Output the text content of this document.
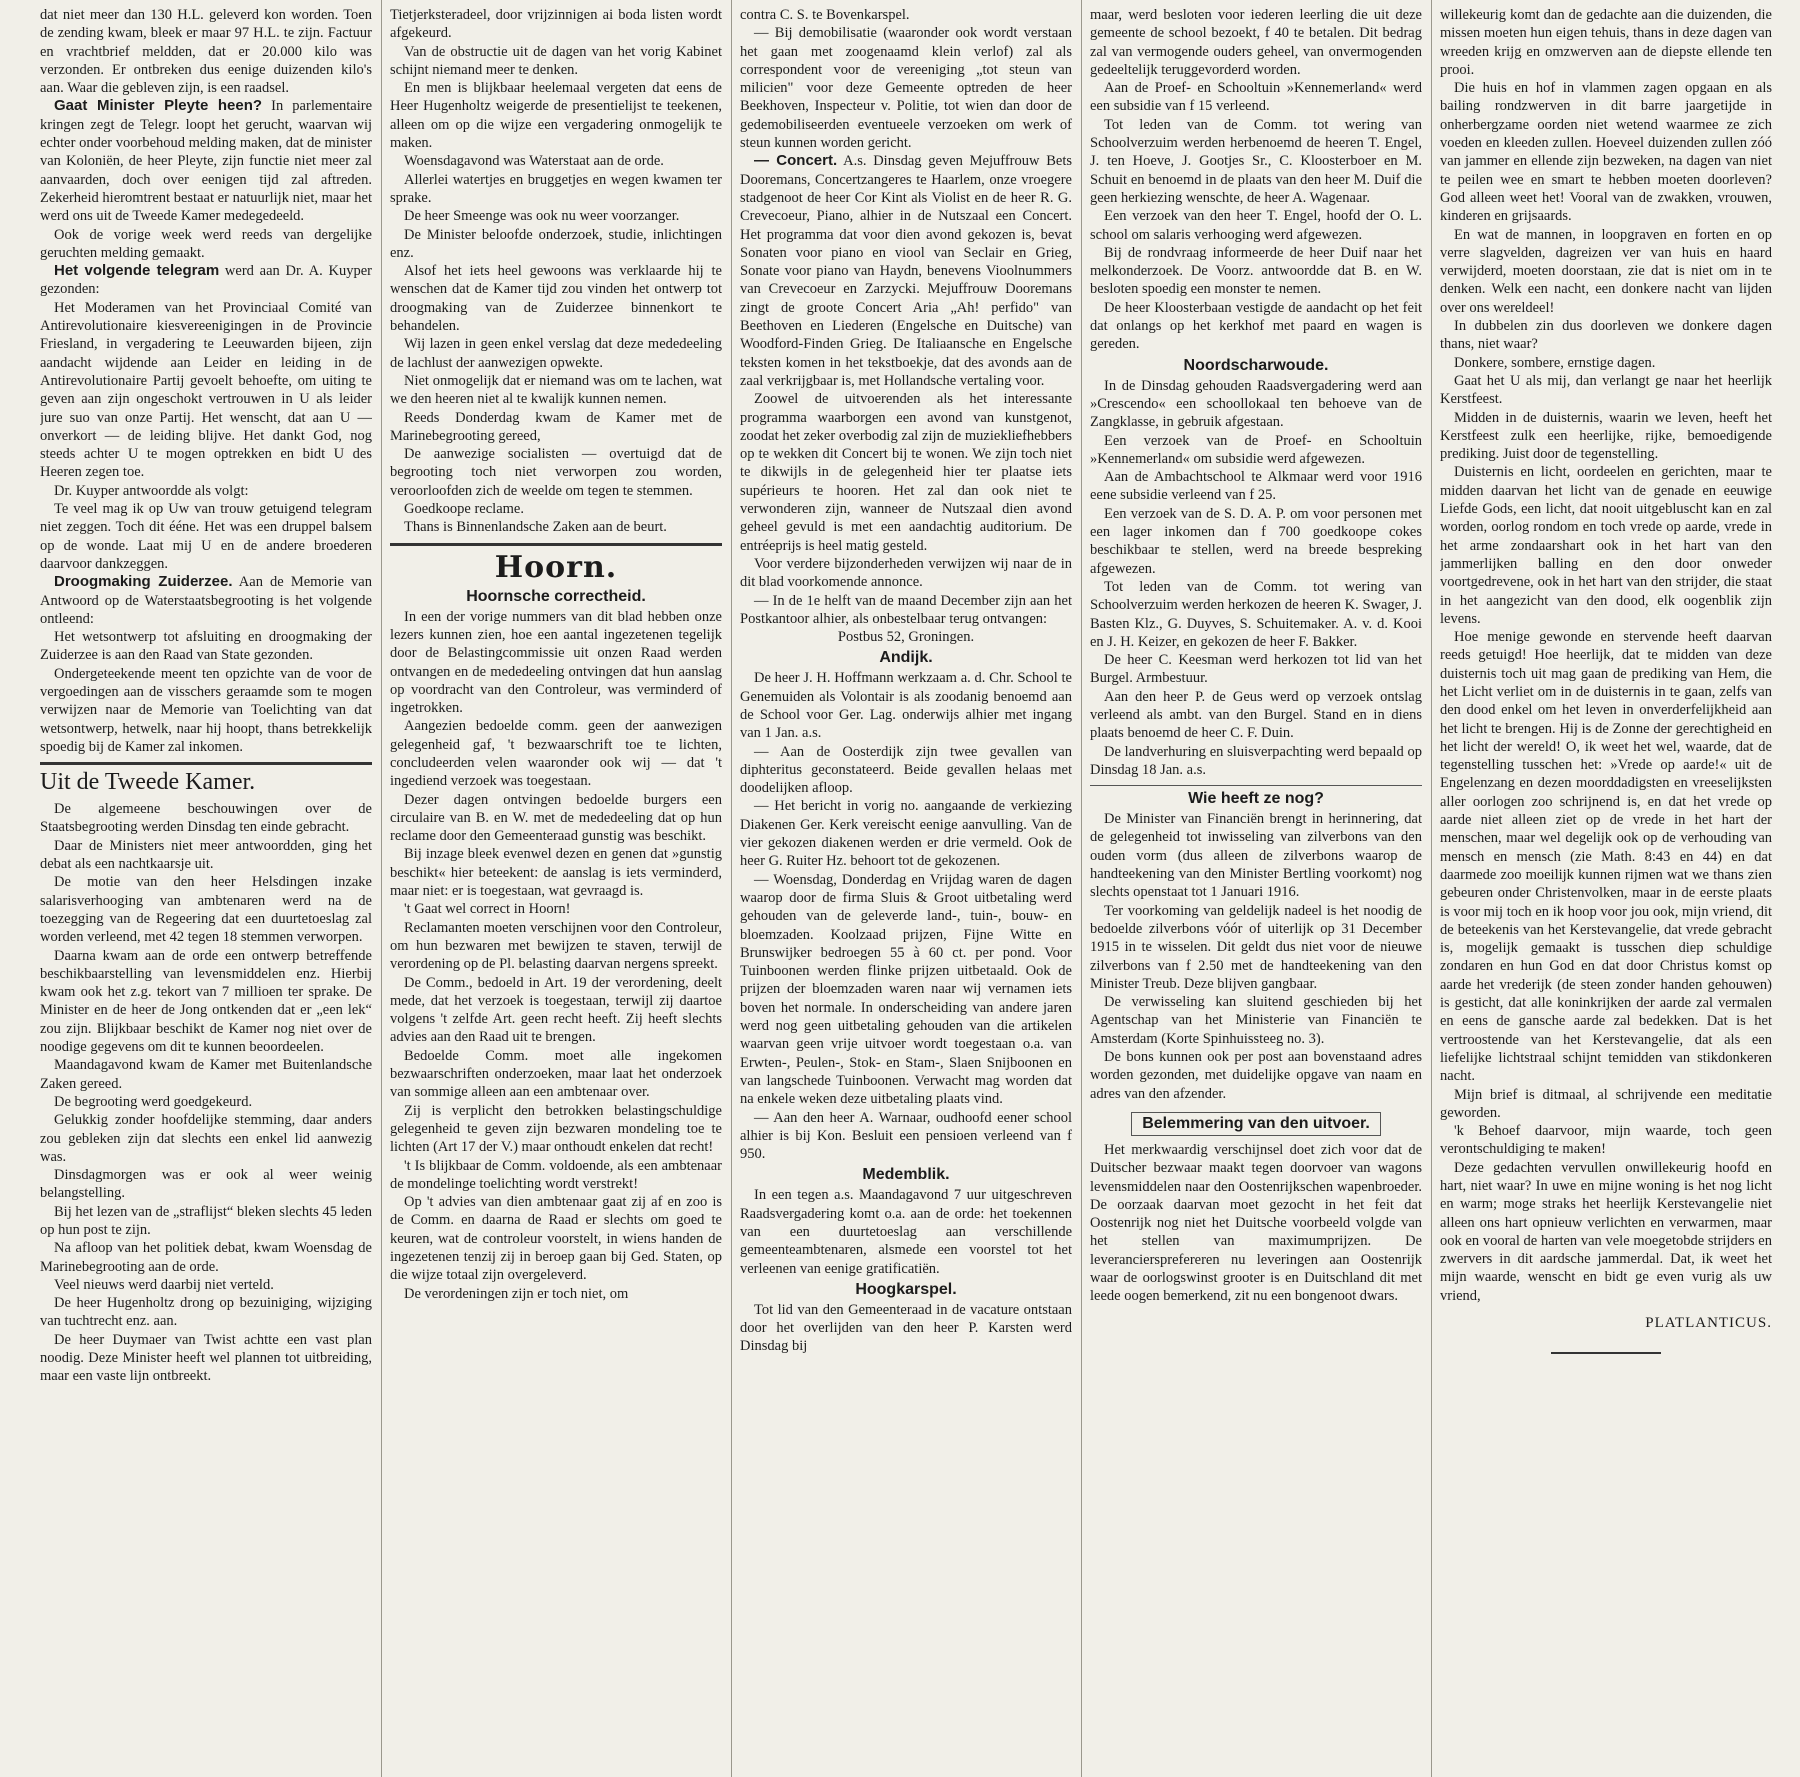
dat niet meer dan 130 H.L. geleverd kon worden. Toen de zending kwam, bleek er maar 97 H.L. te zijn. Factuur en vrachtbrief meldden, dat er 20.000 kilo was verzonden. Er ontbreken dus eenige duizenden kilo's aan. Waar die gebleven zijn, is een raadsel.

Gaat Minister Pleyte heen? In parlementaire kringen zegt de Telegr. loopt het gerucht, waarvan wij echter onder voorbehoud melding maken, dat de minister van Koloniën, de heer Pleyte, zijn functie niet meer zal aanvaarden, doch over eenigen tijd zal aftreden. Zekerheid hieromtrent bestaat er natuurlijk niet, maar het werd ons uit de Tweede Kamer medegedeeld.

Ook de vorige week werd reeds van dergelijke geruchten melding gemaakt.

Het volgende telegram werd aan Dr. A. Kuyper gezonden:

Het Moderamen van het Provinciaal Comité van Antirevolutionaire kiesvereenigingen in de Provincie Friesland, in vergadering te Leeuwarden bijeen, zijn aandacht wijdende aan Leider en leiding in de Antirevolutionaire Partij gevoelt behoefte, om uiting te geven aan zijn ongeschokt vertrouwen in U als leider jure suo van onze Partij. Het wenscht, dat aan U — onverkort — de leiding blijve. Het dankt God, nog steeds achter U te mogen optrekken en bidt U des Heeren zegen toe.

Dr. Kuyper antwoordde als volgt:

Te veel mag ik op Uw van trouw getuigend telegram niet zeggen. Toch dit ééne. Het was een druppel balsem op de wonde. Laat mij U en de andere broederen daarvoor dankzeggen.

Droogmaking Zuiderzee. Aan de Memorie van Antwoord op de Waterstaatsbegrooting is het volgende ontleend:

Het wetsontwerp tot afsluiting en droogmaking der Zuiderzee is aan den Raad van State gezonden.

Ondergeteekende meent ten opzichte van de voor de vergoedingen aan de visschers geraamde som te mogen verwijzen naar de Memorie van Toelichting van dat wetsontwerp, hetwelk, naar hij hoopt, thans betrekkelijk spoedig bij de Kamer zal inkomen.

Uit de Tweede Kamer.

De algemeene beschouwingen over de Staatsbegrooting werden Dinsdag ten einde gebracht.

Daar de Ministers niet meer antwoordden, ging het debat als een nachtkaarsje uit.

De motie van den heer Helsdingen inzake salarisverhooging van ambtenaren werd na de toezegging van de Regeering dat een duurtetoeslag zal worden verleend, met 42 tegen 18 stemmen verworpen.

Daarna kwam aan de orde een ontwerp betreffende beschikbaarstelling van levensmiddelen enz. Hierbij kwam ook het z.g. tekort van 7 millioen ter sprake. De Minister en de heer de Jong ontkenden dat er „een lek“ zou zijn. Blijkbaar beschikt de Kamer nog niet over de noodige gegevens om dit te kunnen beoordeelen.

Maandagavond kwam de Kamer met Buitenlandsche Zaken gereed.

De begrooting werd goedgekeurd.

Gelukkig zonder hoofdelijke stemming, daar anders zou gebleken zijn dat slechts een enkel lid aanwezig was.

Dinsdagmorgen was er ook al weer weinig belangstelling.

Bij het lezen van de „straflijst“ bleken slechts 45 leden op hun post te zijn.

Na afloop van het politiek debat, kwam Woensdag de Marinebegrooting aan de orde.

Veel nieuws werd daarbij niet verteld.

De heer Hugenholtz drong op bezuiniging, wijziging van tuchtrecht enz. aan.

De heer Duymaer van Twist achtte een vast plan noodig. Deze Minister heeft wel plannen tot uitbreiding, maar een vaste lijn ontbreekt.

Tietjerksteradeel, door vrijzinnigen ai boda listen wordt afgekeurd.

Van de obstructie uit de dagen van het vorig Kabinet schijnt niemand meer te denken.

En men is blijkbaar heelemaal vergeten dat eens de Heer Hugenholtz weigerde de presentielijst te teekenen, alleen om op die wijze een vergadering onmogelijk te maken.

Woensdagavond was Waterstaat aan de orde.

Allerlei watertjes en bruggetjes en wegen kwamen ter sprake.

De heer Smeenge was ook nu weer voorzanger.

De Minister beloofde onderzoek, studie, inlichtingen enz.

Alsof het iets heel gewoons was verklaarde hij te wenschen dat de Kamer tijd zou vinden het ontwerp tot droogmaking van de Zuiderzee binnenkort te behandelen.

Wij lazen in geen enkel verslag dat deze mededeeling de lachlust der aanwezigen opwekte.

Niet onmogelijk dat er niemand was om te lachen, wat we den heeren niet al te kwalijk kunnen nemen.

Reeds Donderdag kwam de Kamer met de Marinebegrooting gereed,

De aanwezige socialisten — overtuigd dat de begrooting toch niet verworpen zou worden, veroorloofden zich de weelde om tegen te stemmen.

Goedkoope reclame.

Thans is Binnenlandsche Zaken aan de beurt.

Hoorn.
Hoornsche correctheid.

In een der vorige nummers van dit blad hebben onze lezers kunnen zien, hoe een aantal ingezetenen tegelijk door de Belastingcommissie uit onzen Raad werden ontvangen en de mededeeling ontvingen dat hun aanslag op voordracht van den Controleur, was verminderd of ingetrokken.

Aangezien bedoelde comm. geen der aanwezigen gelegenheid gaf, 't bezwaarschrift toe te lichten, concludeerden velen waaronder ook wij — dat 't ingediend verzoek was toegestaan.

Dezer dagen ontvingen bedoelde burgers een circulaire van B. en W. met de mededeeling dat op hun reclame door den Gemeenteraad gunstig was beschikt.

Bij inzage bleek evenwel dezen en genen dat »gunstig beschikt« hier beteekent: de aanslag is iets verminderd, maar niet: er is toegestaan, wat gevraagd is.

't Gaat wel correct in Hoorn!

Reclamanten moeten verschijnen voor den Controleur, om hun bezwaren met bewijzen te staven, terwijl de verordening op de Pl. belasting daarvan nergens spreekt.

De Comm., bedoeld in Art. 19 der verordening, deelt mede, dat het verzoek is toegestaan, terwijl zij daartoe volgens 't zelfde Art. geen recht heeft. Zij heeft slechts advies aan den Raad uit te brengen.

Bedoelde Comm. moet alle ingekomen bezwaarschriften onderzoeken, maar laat het onderzoek van sommige alleen aan een ambtenaar over.

Zij is verplicht den betrokken belastingschuldige gelegenheid te geven zijn bezwaren mondeling toe te lichten (Art 17 der V.) maar onthoudt enkelen dat recht!

't Is blijkbaar de Comm. voldoende, als een ambtenaar de mondelinge toelichting wordt verstrekt!

Op 't advies van dien ambtenaar gaat zij af en zoo is de Comm. en daarna de Raad er slechts om goed te keuren, wat de controleur voorstelt, in wiens handen de ingezetenen tenzij zij in beroep gaan bij Ged. Staten, op die wijze totaal zijn overgeleverd.

De verordeningen zijn er toch niet, om

contra C. S. te Bovenkarspel.

— Bij demobilisatie (waaronder ook wordt verstaan het gaan met zoogenaamd klein verlof) zal als correspondent voor de vereeniging „tot steun van milicien" voor deze Gemeente optreden de heer Beekhoven, Inspecteur v. Politie, tot wien dan door de gedemobiliseerden eventueele verzoeken om werk of steun kunnen worden gericht.

— Concert. A.s. Dinsdag geven Mejuffrouw Bets Dooremans, Concertzangeres te Haarlem, onze vroegere stadgenoot de heer Cor Kint als Violist en de heer R. G. Crevecoeur, Piano, alhier in de Nutszaal een Concert. Het programma dat voor dien avond gekozen is, bevat Sonaten voor piano en viool van Seclair en Grieg, Sonate voor piano van Haydn, benevens Vioolnummers van Crevecoeur en Zarzycki. Mejuffrouw Dooremans zingt de groote Concert Aria „Ah! perfido" van Beethoven en Liederen (Engelsche en Duitsche) van Woodford-Finden Grieg. De Italiaansche en Engelsche teksten komen in het tekstboekje, dat des avonds aan de zaal verkrijgbaar is, met Hollandsche vertaling voor.

Zoowel de uitvoerenden als het interessante programma waarborgen een avond van kunstgenot, zoodat het zeker overbodig zal zijn de muziekliefhebbers op te wekken dit Concert bij te wonen. We zijn toch niet te dikwijls in de gelegenheid hier ter plaatse iets supérieurs te hooren. Het zal dan ook niet te verwonderen zijn, wanneer de Nutszaal dien avond geheel gevuld is met een aandachtig auditorium. De entréeprijs is heel matig gesteld.

Voor verdere bijzonderheden verwijzen wij naar de in dit blad voorkomende annonce.

— In de 1e helft van de maand December zijn aan het Postkantoor alhier, als onbestelbaar terug ontvangen:

Postbus 52, Groningen.

Andijk.

De heer J. H. Hoffmann werkzaam a. d. Chr. School te Genemuiden als Volontair is als zoodanig benoemd aan de School voor Ger. Lag. onderwijs alhier met ingang van 1 Jan. a.s.

— Aan de Oosterdijk zijn twee gevallen van diphteritus geconstateerd. Beide gevallen helaas met doodelijken afloop.

— Het bericht in vorig no. aangaande de verkiezing Diakenen Ger. Kerk vereischt eenige aanvulling. Van de vier gekozen diakenen werden er drie vermeld. Ook de heer G. Ruiter Hz. behoort tot de gekozenen.

— Woensdag, Donderdag en Vrijdag waren de dagen waarop door de firma Sluis & Groot uitbetaling werd gehouden van de geleverde land-, tuin-, bouw- en bloemzaden. Koolzaad prijzen, Fijne Witte en Brunswijker bedroegen 55 à 60 ct. per pond. Voor Tuinboonen werden flinke prijzen uitbetaald. Ook de prijzen der bloemzaden waren naar wij vernamen iets boven het normale. In onderscheiding van andere jaren werd nog geen uitbetaling gehouden van die artikelen waarvan geen vrije uitvoer wordt toegestaan o.a. van Erwten-, Peulen-, Stok- en Stam-, Slaen Snijboonen en van langschede Tuinboonen. Verwacht mag worden dat na enkele weken deze uitbetaling plaats vind.

— Aan den heer A. Warnaar, oudhoofd eener school alhier is bij Kon. Besluit een pensioen verleend van f 950.

Medemblik.

In een tegen a.s. Maandagavond 7 uur uitgeschreven Raadsvergadering komt o.a. aan de orde: het toekennen van een duurtetoeslag aan verschillende gemeenteambtenaren, alsmede een voorstel tot het verleenen van eenige gratificatiën.

Hoogkarspel.

Tot lid van den Gemeenteraad in de vacature ontstaan door het overlijden van den heer P. Karsten werd Dinsdag bij

maar, werd besloten voor iederen leerling die uit deze gemeente de school bezoekt, f 40 te betalen. Dit bedrag zal van vermogende ouders geheel, van onvermogenden gedeeltelijk teruggevorderd worden.

Aan de Proef- en Schooltuin »Kennemerland« werd een subsidie van f 15 verleend.

Tot leden van de Comm. tot wering van Schoolverzuim werden herbenoemd de heeren T. Engel, J. ten Hoeve, J. Gootjes Sr., C. Kloosterboer en M. Schuit en benoemd in de plaats van den heer M. Duif die geen herkiezing wenschte, de heer A. Wagenaar.

Een verzoek van den heer T. Engel, hoofd der O. L. school om salaris verhooging werd afgewezen.

Bij de rondvraag informeerde de heer Duif naar het melkonderzoek. De Voorz. antwoordde dat B. en W. besloten spoedig een monster te nemen.

De heer Kloosterbaan vestigde de aandacht op het feit dat onlangs op het kerkhof met paard en wagen is gereden.

Noordscharwoude.

In de Dinsdag gehouden Raadsvergadering werd aan »Crescendo« een schoollokaal ten behoeve van de Zangklasse, in gebruik afgestaan.

Een verzoek van de Proef- en Schooltuin »Kennemerland« om subsidie werd afgewezen.

Aan de Ambachtschool te Alkmaar werd voor 1916 eene subsidie verleend van f 25.

Een verzoek van de S. D. A. P. om voor personen met een lager inkomen dan f 700 goedkoope cokes beschikbaar te stellen, werd na breede bespreking afgewezen.

Tot leden van de Comm. tot wering van Schoolverzuim werden herkozen de heeren K. Swager, J. Basten Klz., G. Duyves, S. Schuitemaker. A. v. d. Kooi en J. H. Keizer, en gekozen de heer F. Bakker.

De heer C. Keesman werd herkozen tot lid van het Burgel. Armbestuur.

Aan den heer P. de Geus werd op verzoek ontslag verleend als ambt. van den Burgel. Stand en in diens plaats benoemd de heer C. F. Duin.

De landverhuring en sluisverpachting werd bepaald op Dinsdag 18 Jan. a.s.

Wie heeft ze nog?

De Minister van Financiën brengt in herinnering, dat de gelegenheid tot inwisseling van zilverbons van den ouden vorm (dus alleen de zilverbons waarop de handteekening van den Minister Bertling voorkomt) nog slechts openstaat tot 1 Januari 1916.

Ter voorkoming van geldelijk nadeel is het noodig de bedoelde zilverbons vóór of uiterlijk op 31 December 1915 in te wisselen. Dit geldt dus niet voor de nieuwe zilverbons van f 2.50 met de handteekening van den Minister Treub. Deze blijven gangbaar.

De verwisseling kan sluitend geschieden bij het Agentschap van het Ministerie van Financiën te Amsterdam (Korte Spinhuissteeg no. 3).

De bons kunnen ook per post aan bovenstaand adres worden gezonden, met duidelijke opgave van naam en adres van den afzender.

Belemmering van den uitvoer.

Het merkwaardig verschijnsel doet zich voor dat de Duitscher bezwaar maakt tegen doorvoer van wagons levensmiddelen naar den Oostenrijkschen wapenbroeder. De oorzaak daarvan moet gezocht in het feit dat Oostenrijk nog niet het Duitsche voorbeeld volgde van het stellen van maximumprijzen. De leveranciersprefereren nu leveringen aan Oostenrijk waar de oorlogswinst grooter is en Duitschland dit met leede oogen bemerkend, zit nu een bongenoot dwars.

willekeurig komt dan de gedachte aan die duizenden, die missen moeten hun eigen tehuis, thans in deze dagen van wreeden krijg en omzwerven aan de diepste ellende ten prooi.

Die huis en hof in vlammen zagen opgaan en als bailing rondzwerven in dit barre jaargetijde in onherbergzame oorden niet wetend waarmee ze zich voeden en kleeden zullen. Hoeveel duizenden zullen zóó van jammer en ellende zijn bezweken, na dagen van niet te peilen wee en smart te hebben moeten doorleven? God alleen weet het! Vooral van de zwakken, vrouwen, kinderen en grijsaards.

En wat de mannen, in loopgraven en forten en op verre slagvelden, dagreizen ver van huis en haard verwijderd, moeten doorstaan, zie dat is niet om in te denken. Welk een nacht, een donkere nacht van lijden over ons wereldeel!

In dubbelen zin dus doorleven we donkere dagen thans, niet waar?

Donkere, sombere, ernstige dagen.

Gaat het U als mij, dan verlangt ge naar het heerlijk Kerstfeest.

Midden in de duisternis, waarin we leven, heeft het Kerstfeest zulk een heerlijke, rijke, bemoedigende prediking. Juist door de tegenstelling.

Duisternis en licht, oordeelen en gerichten, maar te midden daarvan het licht van de genade en eeuwige Liefde Gods, een licht, dat nooit uitgebluscht kan en zal worden, oorlog rondom en toch vrede op aarde, vrede in het arme zondaarshart ook in het hart van den jammerlijken balling en den door onweder voortgedrevene, ook in het hart van den strijder, die staat in het aangezicht van den dood, elk oogenblik zijn levens.

Hoe menige gewonde en stervende heeft daarvan reeds getuigd! Hoe heerlijk, dat te midden van deze duisternis toch uit mag gaan de prediking van Hem, die het Licht verliet om in de duisternis in te gaan, zelfs van den dood enkel om het leven in onverderfelijkheid aan het licht te brengen. Hij is de Zonne der gerechtigheid en het licht der wereld! O, ik weet het wel, waarde, dat de tegenstelling tusschen het: »Vrede op aarde!« uit de Engelenzang en dezen moorddadigsten en vreeselijksten aller oorlogen zoo schrijnend is, en dat het vrede op aarde niet alleen ziet op de vrede in het hart der menschen, maar wel degelijk ook op de verhouding van mensch en mensch (zie Math. 8:43 en 44) en dat daarmede zoo moeilijk kunnen rijmen wat we thans zien gebeuren onder Christenvolken, maar in de eerste plaats is voor mij toch en ik hoop voor jou ook, mijn vriend, dit de beteekenis van het Kerstevangelie, dat vrede gebracht is, mogelijk gemaakt is tusschen diep schuldige zondaren en hun God en dat door Christus komst op aarde het vrederijk (de steen zonder handen gehouwen) is gesticht, dat alle koninkrijken der aarde zal vermalen en eens de gansche aarde zal bedekken. Dat is het vertroostende van het Kerstevangelie, dat als een liefelijke lichtstraal schijnt temidden van stikdonkeren nacht.

Mijn brief is ditmaal, al schrijvende een meditatie geworden.

'k Behoef daarvoor, mijn waarde, toch geen verontschuldiging te maken!

Deze gedachten vervullen onwillekeurig hoofd en hart, niet waar? In uwe en mijne woning is het nog licht en warm; moge straks het heerlijk Kerstevangelie niet alleen ons hart opnieuw verlichten en verwarmen, maar ook en vooral de harten van vele moegetobde strijders en zwervers in dit aardsche jammerdal. Dat, ik weet het mijn waarde, wenscht en bidt ge even vurig als uw vriend,

PLATLANTICUS.
